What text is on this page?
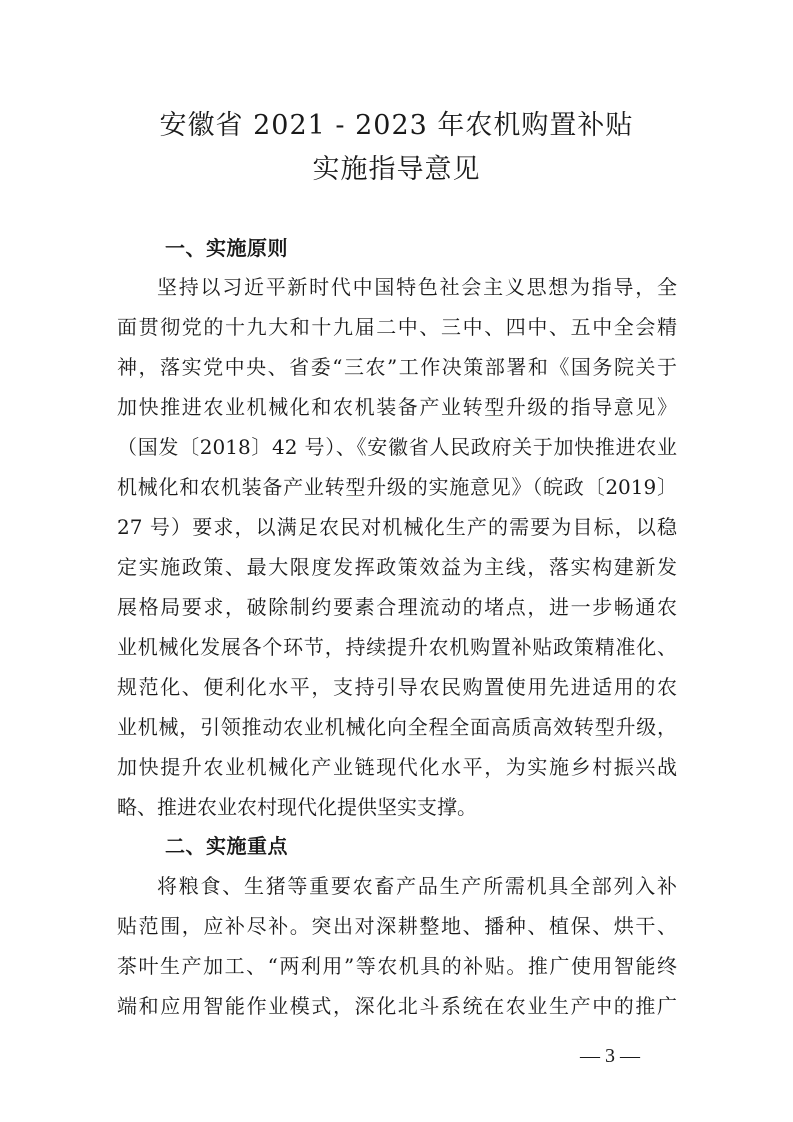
安徽省 2021 - 2023 年农机购置补贴
实施指导意见
一、实施原则

坚持以习近平新时代中国特色社会主义思想为指导，全

面贯彻党的十九大和十九届二中、三中、四中、五中全会精

神，落实党中央、省委“三农”工作决策部署和《国务院关于

加快推进农业机械化和农机装备产业转型升级的指导意见》

（国发〔2018〕42 号）、《安徽省人民政府关于加快推进农业

机械化和农机装备产业转型升级的实施意见》（皖政〔2019〕

27 号）要求，以满足农民对机械化生产的需要为目标，以稳

定实施政策、最大限度发挥政策效益为主线，落实构建新发

展格局要求，破除制约要素合理流动的堵点，进一步畅通农

业机械化发展各个环节，持续提升农机购置补贴政策精准化、

规范化、便利化水平，支持引导农民购置使用先进适用的农

业机械，引领推动农业机械化向全程全面高质高效转型升级，

加快提升农业机械化产业链现代化水平，为实施乡村振兴战

略、推进农业农村现代化提供坚实支撑。

二、实施重点

将粮食、生猪等重要农畜产品生产所需机具全部列入补

贴范围，应补尽补。突出对深耕整地、播种、植保、烘干、

茶叶生产加工、“两利用”等农机具的补贴。推广使用智能终

端和应用智能作业模式，深化北斗系统在农业生产中的推广

— 3 —
